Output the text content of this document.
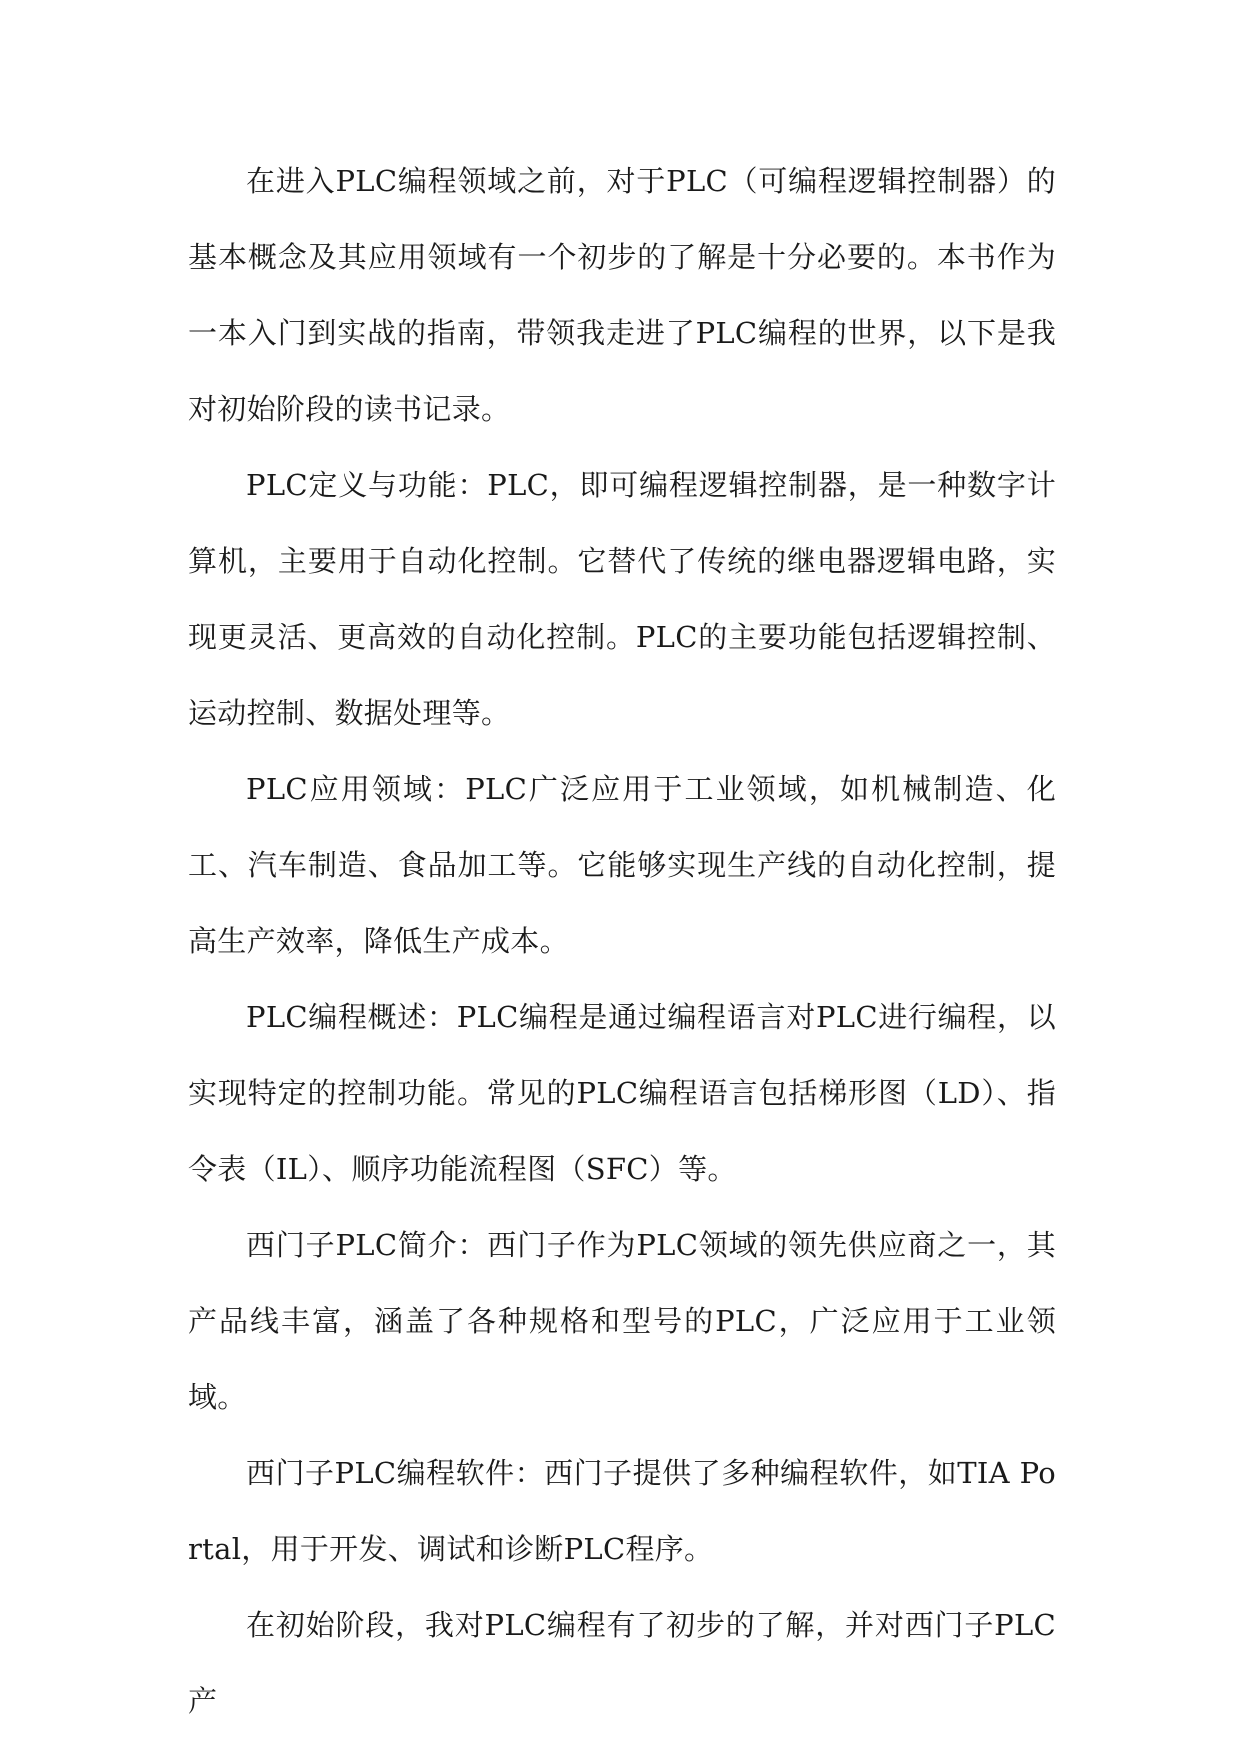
在进入PLC编程领域之前，对于PLC（可编程逻辑控制器）的基本概念及其应用领域有一个初步的了解是十分必要的。本书作为一本入门到实战的指南，带领我走进了PLC编程的世界，以下是我对初始阶段的读书记录。

PLC定义与功能：PLC，即可编程逻辑控制器，是一种数字计算机，主要用于自动化控制。它替代了传统的继电器逻辑电路，实现更灵活、更高效的自动化控制。PLC的主要功能包括逻辑控制、运动控制、数据处理等。

PLC应用领域：PLC广泛应用于工业领域，如机械制造、化工、汽车制造、食品加工等。它能够实现生产线的自动化控制，提高生产效率，降低生产成本。

PLC编程概述：PLC编程是通过编程语言对PLC进行编程，以实现特定的控制功能。常见的PLC编程语言包括梯形图（LD）、指令表（IL）、顺序功能流程图（SFC）等。

西门子PLC简介：西门子作为PLC领域的领先供应商之一，其产品线丰富，涵盖了各种规格和型号的PLC，广泛应用于工业领域。

西门子PLC编程软件：西门子提供了多种编程软件，如TIA Portal，用于开发、调试和诊断PLC程序。

在初始阶段，我对PLC编程有了初步的了解，并对西门子PLC产
